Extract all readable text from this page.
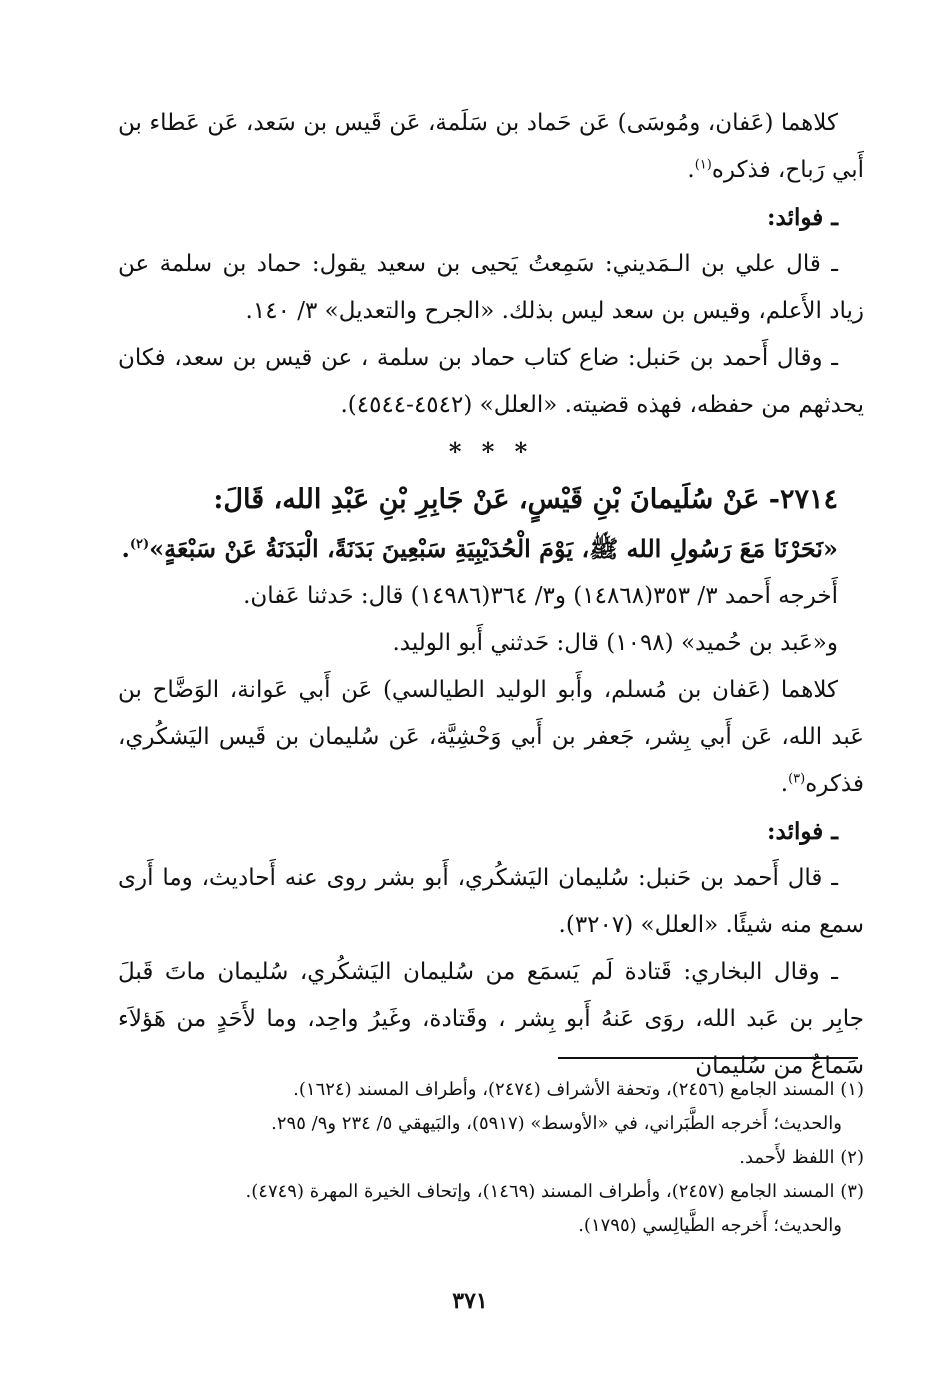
كلاهما (عَفان، ومُوسَى) عَن حَماد بن سَلَمة، عَن قَيس بن سَعد، عَن عَطاء بن أَبي رَباح، فذكره$^{(١)}$.

ـ فوائد:

ـ قال علي بن الـمَديني: سَمِعتُ يَحيى بن سعيد يقول: حماد بن سلمة عن زياد الأَعلم، وقيس بن سعد ليس بذلك. «الجرح والتعديل» ٣/ ١٤٠.

ـ وقال أَحمد بن حَنبل: ضاع كتاب حماد بن سلمة ، عن قيس بن سعد، فكان يحدثهم من حفظه، فهذه قضيته. «العلل» (٤٥٤٢-٤٥٤٤).

* * *

٢٧١٤- عَنْ سُلَيمانَ بْنِ قَيْسٍ، عَنْ جَابِرِ بْنِ عَبْدِ الله، قَالَ:

«نَحَرْنَا مَعَ رَسُولِ الله ﷺ، يَوْمَ الْحُدَيْبِيَةِ سَبْعِينَ بَدَنَةً، الْبَدَنَةُ عَنْ سَبْعَةٍ»$^{(٢)}$.

أَخرجه أَحمد ٣/ ٣٥٣(١٤٨٦٨) و٣/ ٣٦٤(١٤٩٨٦) قال: حَدثنا عَفان.

و«عَبد بن حُميد» (١٠٩٨) قال: حَدثني أَبو الوليد.

كلاهما (عَفان بن مُسلم، وأَبو الوليد الطيالسي) عَن أَبي عَوانة، الوَضَّاح بن عَبد الله، عَن أَبي بِشر، جَعفر بن أَبي وَحْشِيَّة، عَن سُليمان بن قَيس اليَشكُري، فذكره$^{(٣)}$.

ـ فوائد:

ـ قال أَحمد بن حَنبل: سُليمان اليَشكُري، أَبو بشر روى عنه أَحاديث، وما أَرى سمع منه شيئًا. «العلل» (٣٢٠٧).

ـ وقال البخاري: قَتادة لَم يَسمَع من سُليمان اليَشكُري، سُليمان ماتَ قَبلَ جابِر بن عَبد الله، روَى عَنهُ أَبو بِشر ، وقَتادة، وغَيرُ واحِد، وما لأَحَدٍ من هَؤلاَء سَماعٌ من سُليمان

(١) المسند الجامع (٢٤٥٦)، وتحفة الأشراف (٢٤٧٤)، وأطراف المسند (١٦٢٤).

والحديث؛ أَخرجه الطَّبَراني، في «الأوسط» (٥٩١٧)، والبَيهقي ٥/ ٢٣٤ و٩/ ٢٩٥.

(٢) اللفظ لأَحمد.

(٣) المسند الجامع (٢٤٥٧)، وأطراف المسند (١٤٦٩)، وإتحاف الخيرة المهرة (٤٧٤٩).

والحديث؛ أَخرجه الطَّيالِسي (١٧٩٥).

٣٧١
